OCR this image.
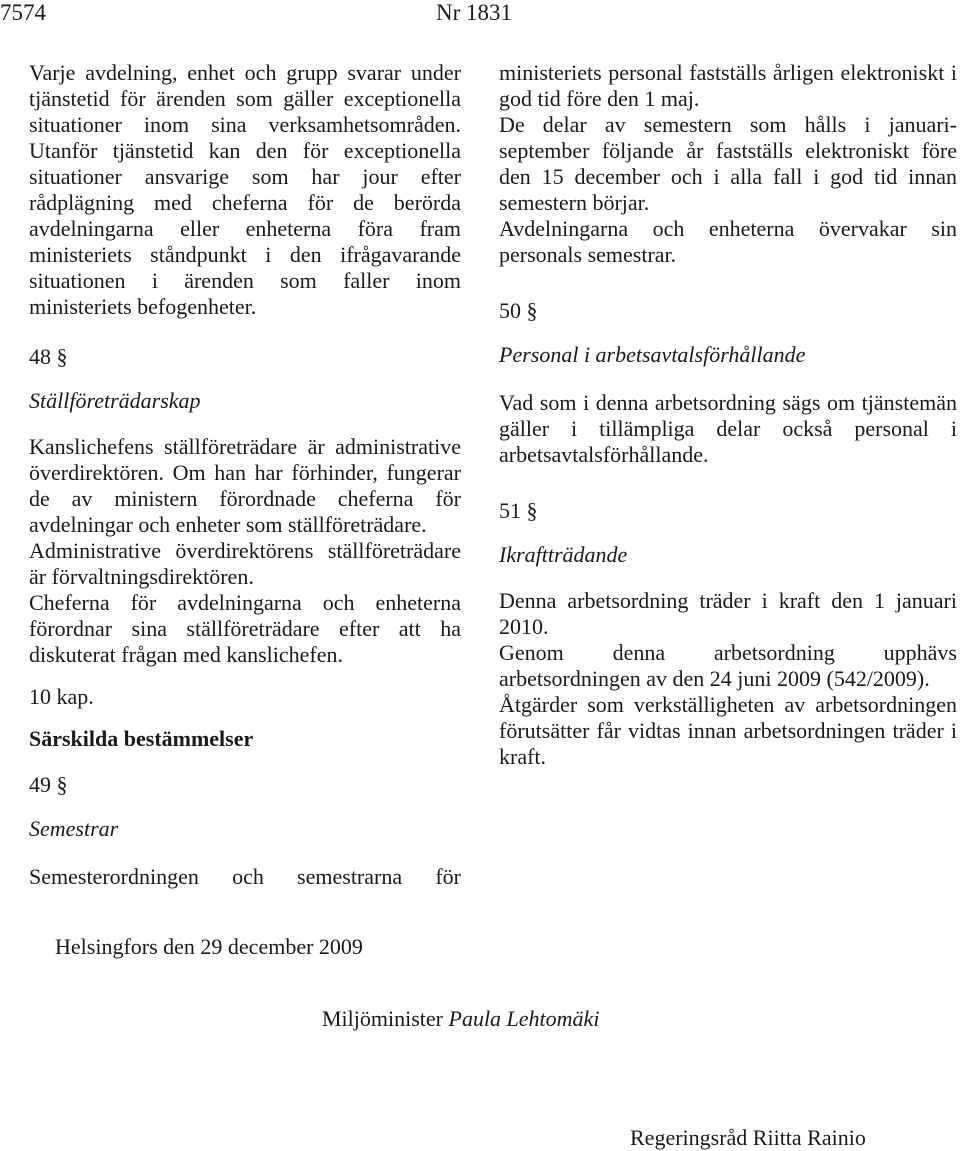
7574	Nr 1831

Varje avdelning, enhet och grupp svarar under tjänstetid för ärenden som gäller exceptionella situationer inom sina verksamhetsområden. Utanför tjänstetid kan den för exceptionella situationer ansvarige som har jour efter rådplägning med cheferna för de berörda avdelningarna eller enheterna föra fram ministeriets ståndpunkt i den ifrågavarande situationen i ärenden som faller inom ministeriets befogenheter.

48 §

Ställföreträdarskap

Kanslichefens ställföreträdare är administrative överdirektören. Om han har förhinder, fungerar de av ministern förordnade cheferna för avdelningar och enheter som ställföreträdare.

Administrative överdirektörens ställföreträdare är förvaltningsdirektören.

Cheferna för avdelningarna och enheterna förordnar sina ställföreträdare efter att ha diskuterat frågan med kanslichefen.

10 kap.

Särskilda bestämmelser

49 §

Semestrar

Semesterordningen och semestrarna för

ministeriets personal fastställs årligen elektroniskt i god tid före den 1 maj.

De delar av semestern som hålls i januari-september följande år fastställs elektroniskt före den 15 december och i alla fall i god tid innan semestern börjar.

Avdelningarna och enheterna övervakar sin personals semestrar.

50 §

Personal i arbetsavtalsförhållande

Vad som i denna arbetsordning sägs om tjänstemän gäller i tillämpliga delar också personal i arbetsavtalsförhållande.

51 §

Ikraftträdande

Denna arbetsordning träder i kraft den 1 januari 2010.

Genom denna arbetsordning upphävs arbetsordningen av den 24 juni 2009 (542/2009).

Åtgärder som verkställigheten av arbetsordningen förutsätter får vidtas innan arbetsordningen träder i kraft.

Helsingfors den 29 december 2009
Miljöminister Paula Lehtomäki
Regeringsråd Riitta Rainio
